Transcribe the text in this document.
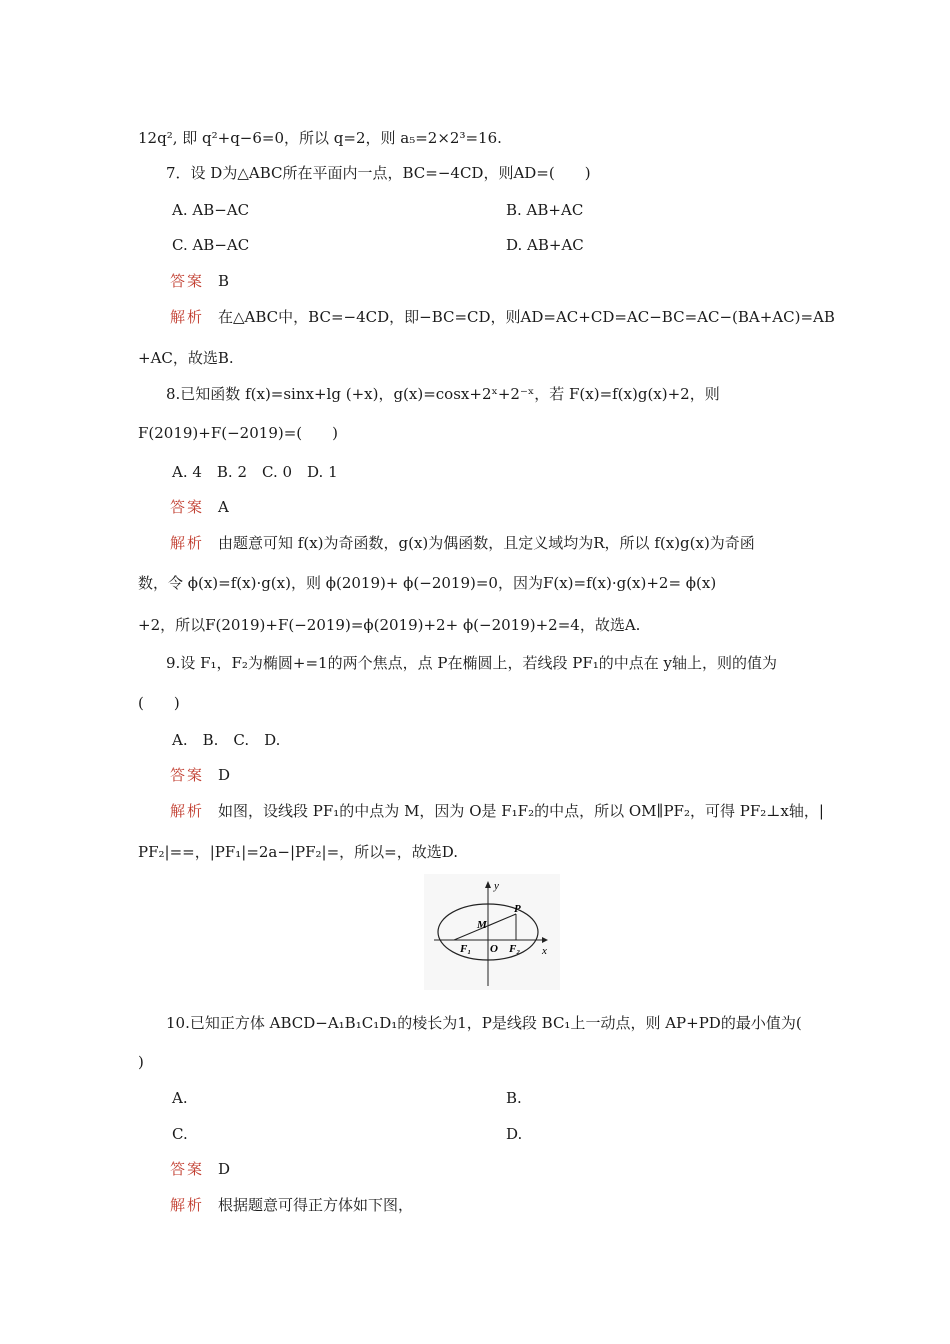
12q², 即 q²+q−6=0，所以 q=2，则 a₅=2×2³=16.
7．设 D为△ABC所在平面内一点，BC=−4CD，则AD=(　　)
A. AB−AC	B. AB+AC
C. AB−AC	D. AB+AC
答案 B
解析 在△ABC中，BC=−4CD，即−BC=CD，则AD=AC+CD=AC−BC=AC−(BA+AC)=AB
+AC，故选B.
8.已知函数 f(x)=sinx+lg (+x)，g(x)=cosx+2ˣ+2⁻ˣ，若 F(x)=f(x)g(x)+2，则
F(2019)+F(−2019)=(　　)
A. 4　B. 2　C. 0　D. 1
答案 A
解析 由题意可知 f(x)为奇函数，g(x)为偶函数，且定义域均为R，所以 f(x)g(x)为奇函
数，令 ϕ(x)=f(x)·g(x)，则 ϕ(2019)+ ϕ(−2019)=0，因为F(x)=f(x)·g(x)+2= ϕ(x)
+2，所以F(2019)+F(−2019)=ϕ(2019)+2+ ϕ(−2019)+2=4，故选A.
9.设 F₁，F₂为椭圆+=1的两个焦点，点 P在椭圆上，若线段 PF₁的中点在 y轴上，则的值为
(　　)
A.　B.　C.　D.
答案 D
解析 如图，设线段 PF₁的中点为 M，因为 O是 F₁F₂的中点，所以 OM∥PF₂，可得 PF₂⊥x轴，|
PF₂|==，|PF₁|=2a−|PF₂|=，所以=，故选D.
y
x
P
M
F₁ O F₂
10.已知正方体 ABCD−A₁B₁C₁D₁的棱长为1，P是线段 BC₁上一动点，则 AP+PD的最小值为(
)
A.	B.
C.	D.
答案 D
解析 根据题意可得正方体如下图，
